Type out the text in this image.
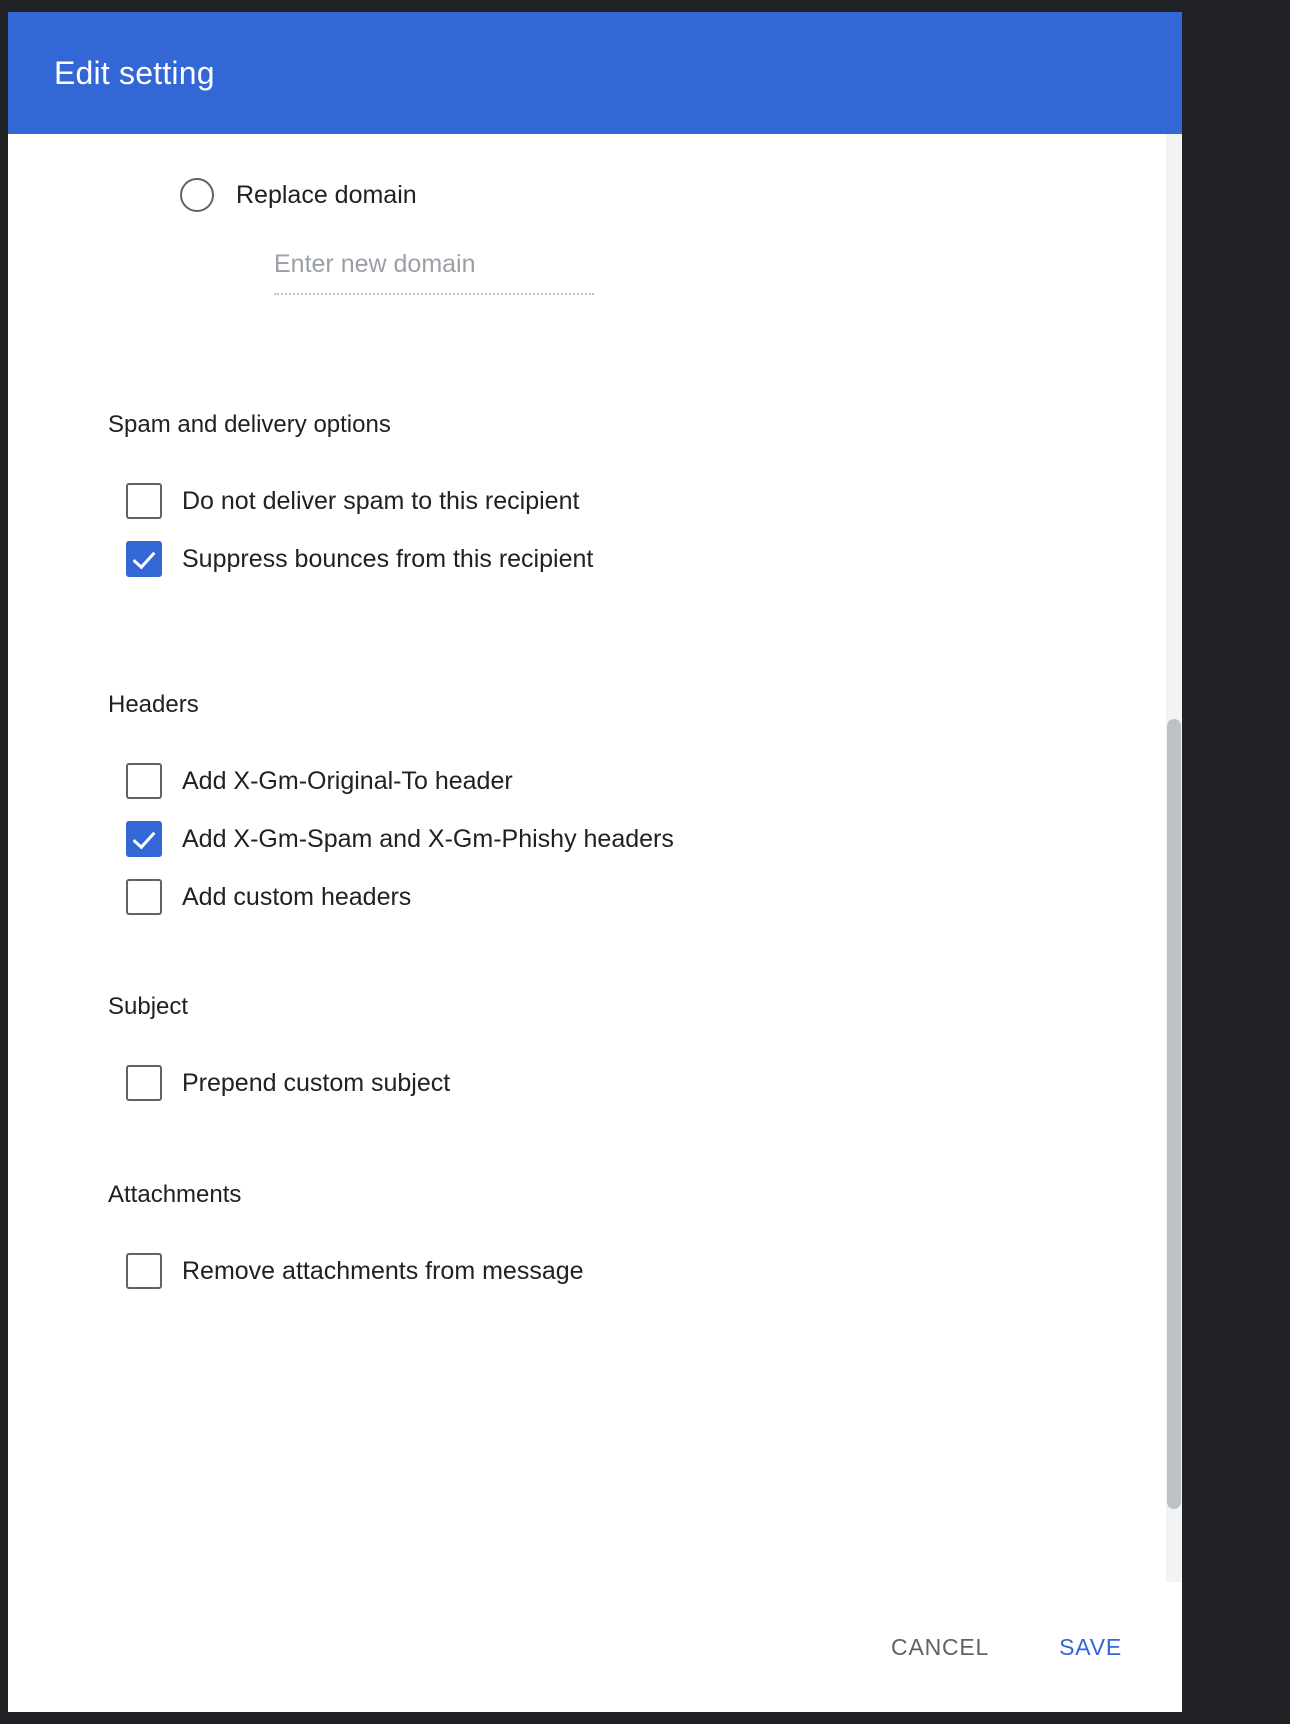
Edit setting
Replace domain
Enter new domain
Spam and delivery options
Do not deliver spam to this recipient
Suppress bounces from this recipient
Headers
Add X-Gm-Original-To header
Add X-Gm-Spam and X-Gm-Phishy headers
Add custom headers
Subject
Prepend custom subject
Attachments
Remove attachments from message
CANCEL	SAVE
